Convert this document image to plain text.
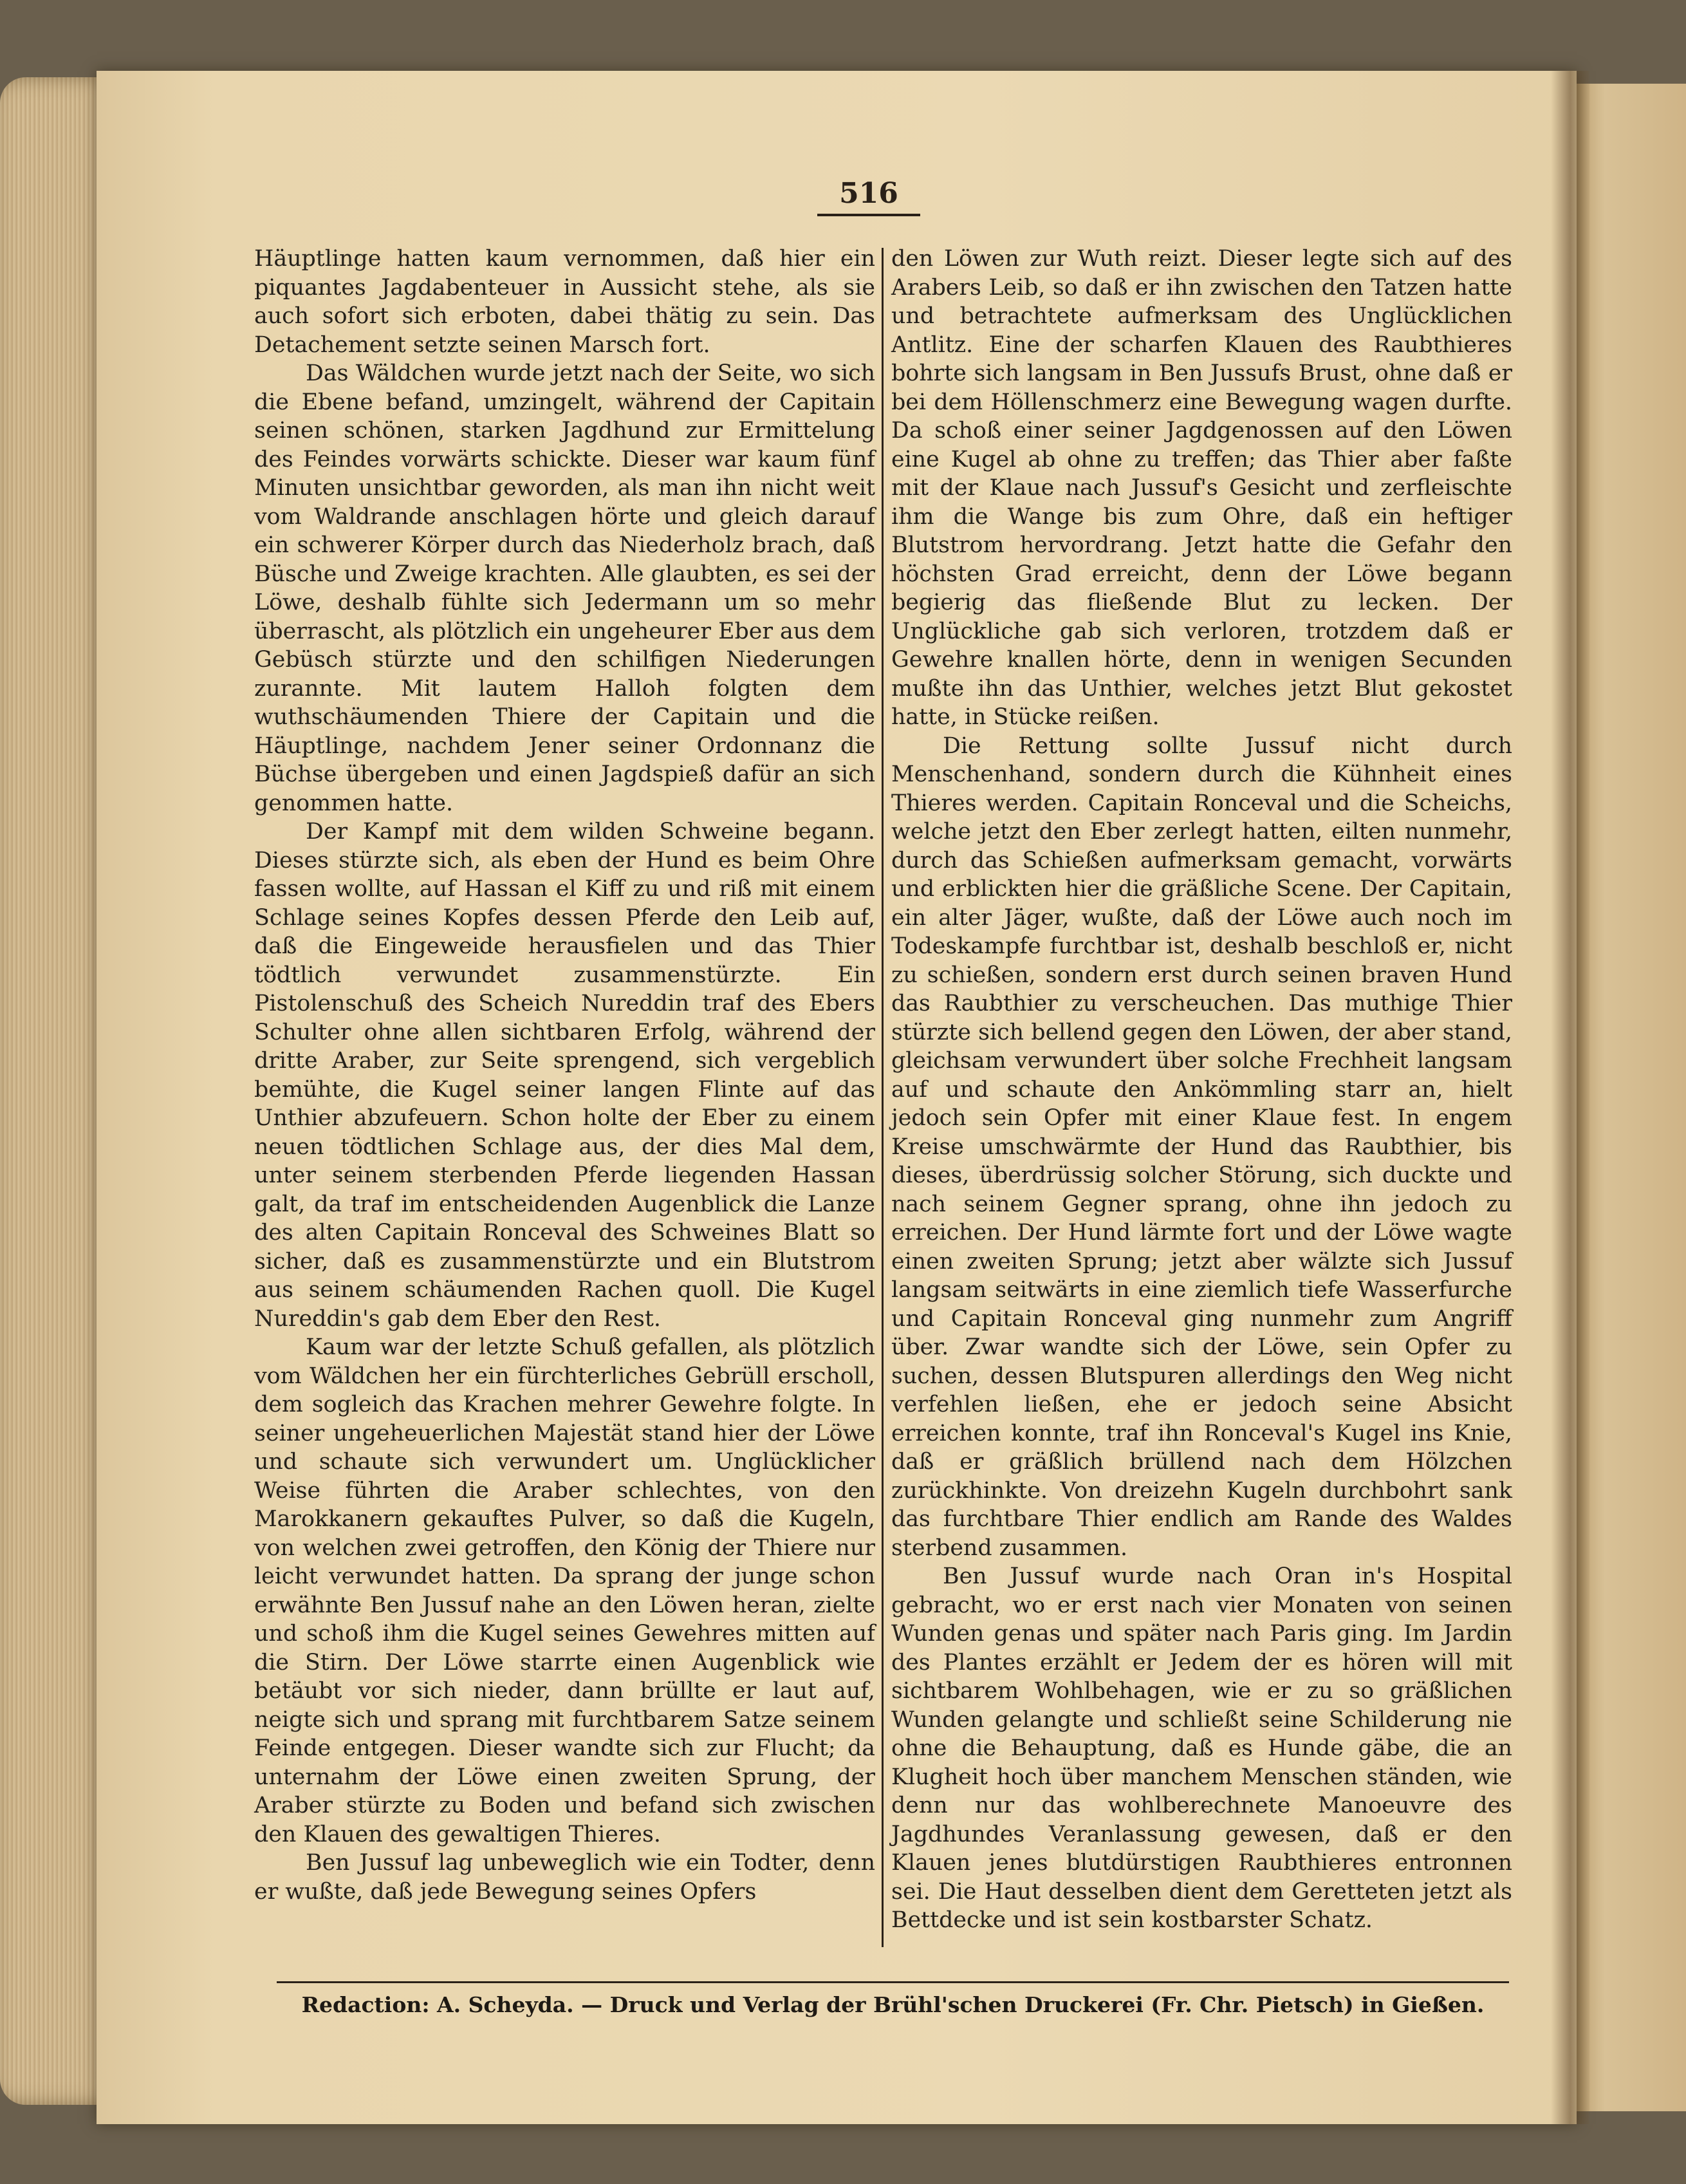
516

Häuptlinge hatten kaum vernommen, daß hier ein piquantes Jagdabenteuer in Aussicht stehe, als sie auch sofort sich erboten, dabei thätig zu sein. Das Detachement setzte seinen Marsch fort.

Das Wäldchen wurde jetzt nach der Seite, wo sich die Ebene befand, umzingelt, während der Capitain seinen schönen, starken Jagdhund zur Ermittelung des Feindes vorwärts schickte. Dieser war kaum fünf Minuten unsichtbar geworden, als man ihn nicht weit vom Waldrande anschlagen hörte und gleich darauf ein schwerer Körper durch das Niederholz brach, daß Büsche und Zweige krachten. Alle glaubten, es sei der Löwe, deshalb fühlte sich Jedermann um so mehr überrascht, als plötzlich ein ungeheurer Eber aus dem Gebüsch stürzte und den schilfigen Niederungen zurannte. Mit lautem Halloh folgten dem wuthschäumenden Thiere der Capitain und die Häuptlinge, nachdem Jener seiner Ordonnanz die Büchse übergeben und einen Jagdspieß dafür an sich genommen hatte.

Der Kampf mit dem wilden Schweine begann. Dieses stürzte sich, als eben der Hund es beim Ohre fassen wollte, auf Hassan el Kiff zu und riß mit einem Schlage seines Kopfes dessen Pferde den Leib auf, daß die Eingeweide herausfielen und das Thier tödtlich verwundet zusammenstürzte. Ein Pistolenschuß des Scheich Nureddin traf des Ebers Schulter ohne allen sichtbaren Erfolg, während der dritte Araber, zur Seite sprengend, sich vergeblich bemühte, die Kugel seiner langen Flinte auf das Unthier abzufeuern. Schon holte der Eber zu einem neuen tödtlichen Schlage aus, der dies Mal dem, unter seinem sterbenden Pferde liegenden Hassan galt, da traf im entscheidenden Augenblick die Lanze des alten Capitain Ronceval des Schweines Blatt so sicher, daß es zusammenstürzte und ein Blutstrom aus seinem schäumenden Rachen quoll. Die Kugel Nureddin's gab dem Eber den Rest.

Kaum war der letzte Schuß gefallen, als plötzlich vom Wäldchen her ein fürchterliches Gebrüll erscholl, dem sogleich das Krachen mehrer Gewehre folgte. In seiner ungeheuerlichen Majestät stand hier der Löwe und schaute sich verwundert um. Unglücklicher Weise führten die Araber schlechtes, von den Marokkanern gekauftes Pulver, so daß die Kugeln, von welchen zwei getroffen, den König der Thiere nur leicht verwundet hatten. Da sprang der junge schon erwähnte Ben Jussuf nahe an den Löwen heran, zielte und schoß ihm die Kugel seines Gewehres mitten auf die Stirn. Der Löwe starrte einen Augenblick wie betäubt vor sich nieder, dann brüllte er laut auf, neigte sich und sprang mit furchtbarem Satze seinem Feinde entgegen. Dieser wandte sich zur Flucht; da unternahm der Löwe einen zweiten Sprung, der Araber stürzte zu Boden und befand sich zwischen den Klauen des gewaltigen Thieres.

Ben Jussuf lag unbeweglich wie ein Todter, denn er wußte, daß jede Bewegung seines Opfers

den Löwen zur Wuth reizt. Dieser legte sich auf des Arabers Leib, so daß er ihn zwischen den Tatzen hatte und betrachtete aufmerksam des Unglücklichen Antlitz. Eine der scharfen Klauen des Raubthieres bohrte sich langsam in Ben Jussufs Brust, ohne daß er bei dem Höllenschmerz eine Bewegung wagen durfte. Da schoß einer seiner Jagdgenossen auf den Löwen eine Kugel ab ohne zu treffen; das Thier aber faßte mit der Klaue nach Jussuf's Gesicht und zerfleischte ihm die Wange bis zum Ohre, daß ein heftiger Blutstrom hervordrang. Jetzt hatte die Gefahr den höchsten Grad erreicht, denn der Löwe begann begierig das fließende Blut zu lecken. Der Unglückliche gab sich verloren, trotzdem daß er Gewehre knallen hörte, denn in wenigen Secunden mußte ihn das Unthier, welches jetzt Blut gekostet hatte, in Stücke reißen.

Die Rettung sollte Jussuf nicht durch Menschenhand, sondern durch die Kühnheit eines Thieres werden. Capitain Ronceval und die Scheichs, welche jetzt den Eber zerlegt hatten, eilten nunmehr, durch das Schießen aufmerksam gemacht, vorwärts und erblickten hier die gräßliche Scene. Der Capitain, ein alter Jäger, wußte, daß der Löwe auch noch im Todeskampfe furchtbar ist, deshalb beschloß er, nicht zu schießen, sondern erst durch seinen braven Hund das Raubthier zu verscheuchen. Das muthige Thier stürzte sich bellend gegen den Löwen, der aber stand, gleichsam verwundert über solche Frechheit langsam auf und schaute den Ankömmling starr an, hielt jedoch sein Opfer mit einer Klaue fest. In engem Kreise umschwärmte der Hund das Raubthier, bis dieses, überdrüssig solcher Störung, sich duckte und nach seinem Gegner sprang, ohne ihn jedoch zu erreichen. Der Hund lärmte fort und der Löwe wagte einen zweiten Sprung; jetzt aber wälzte sich Jussuf langsam seitwärts in eine ziemlich tiefe Wasserfurche und Capitain Ronceval ging nunmehr zum Angriff über. Zwar wandte sich der Löwe, sein Opfer zu suchen, dessen Blutspuren allerdings den Weg nicht verfehlen ließen, ehe er jedoch seine Absicht erreichen konnte, traf ihn Ronceval's Kugel ins Knie, daß er gräßlich brüllend nach dem Hölzchen zurückhinkte. Von dreizehn Kugeln durchbohrt sank das furchtbare Thier endlich am Rande des Waldes sterbend zusammen.

Ben Jussuf wurde nach Oran in's Hospital gebracht, wo er erst nach vier Monaten von seinen Wunden genas und später nach Paris ging. Im Jardin des Plantes erzählt er Jedem der es hören will mit sichtbarem Wohlbehagen, wie er zu so gräßlichen Wunden gelangte und schließt seine Schilderung nie ohne die Behauptung, daß es Hunde gäbe, die an Klugheit hoch über manchem Menschen ständen, wie denn nur das wohlberechnete Manoeuvre des Jagdhundes Veranlassung gewesen, daß er den Klauen jenes blutdürstigen Raubthieres entronnen sei. Die Haut desselben dient dem Geretteten jetzt als Bettdecke und ist sein kostbarster Schatz.

Redaction: A. Scheyda. — Druck und Verlag der Brühl'schen Druckerei (Fr. Chr. Pietsch) in Gießen.
